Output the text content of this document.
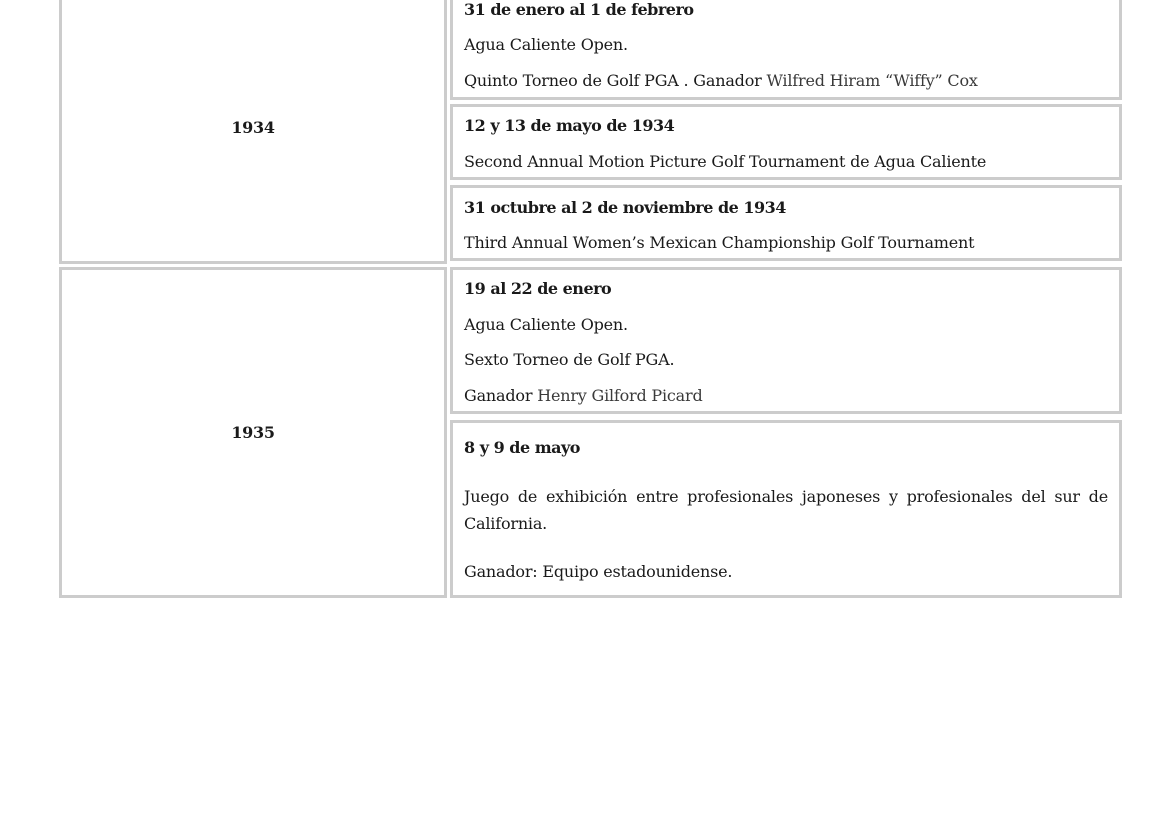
1934
31 de enero al 1 de febrero
Agua Caliente Open.
Quinto Torneo de Golf PGA . Ganador Wilfred Hiram “Wiffy” Cox
12 y 13 de mayo de 1934
Second Annual Motion Picture Golf Tournament de Agua Caliente
31 octubre al 2 de noviembre de 1934
Third Annual Women’s Mexican Championship Golf Tournament
1935
19 al 22 de enero
Agua Caliente Open.
Sexto Torneo de Golf PGA.
Ganador Henry Gilford Picard
8 y 9 de mayo
Juego de exhibición entre profesionales japoneses y profesionales del sur de California.
Ganador: Equipo estadounidense.
